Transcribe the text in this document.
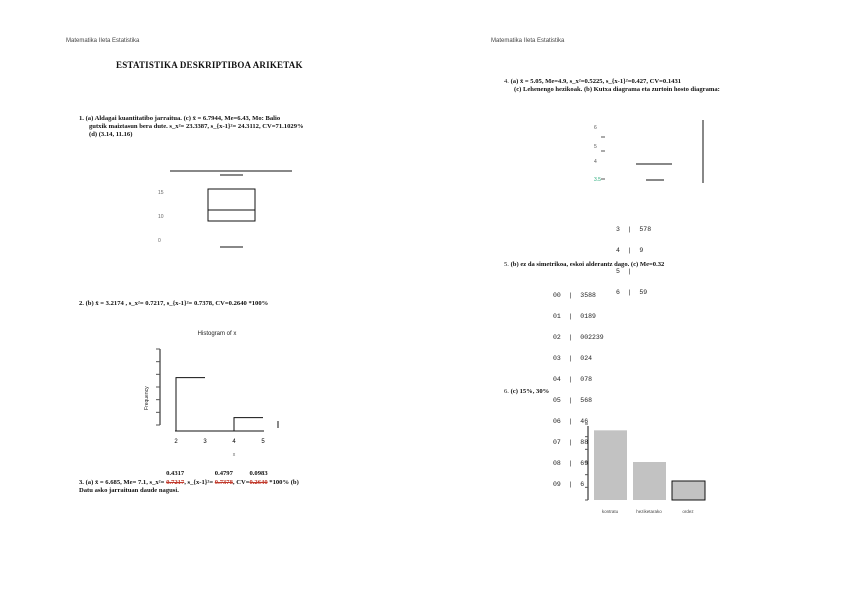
Matematika IIeta Estatistika	Matematika IIeta Estatistika
ESTATISTIKA DESKRIPTIBOA ARIKETAK
1. (a) Aldagai kuantitatibo jarraitua. (c) x̄ = 6.7944, Me=6.43, Mo: Balio
gutxik maiztasun bera dute. s_x²= 23.3387, s_{x-1}²= 24.3112, CV=71.1029%
(d) (3.14, 11.16)
15
10
0
2. (b) x̄ = 3.2174 , s_x²= 0.7217, s_{x-1}²= 0.7378, CV=0.2640 *100%
Histogram of x
Frequency
2	3	4	5
x
3. (a) x̄ = 6.685, Me= 7.1, s_x²=
0.4317
0.7217, s_{x-1}²=
0.4797
0.7378, CV=
0.0983
0.2640 *100% (b)
Datu asko jarraituan daude nagusi.
4. (a) x̄ = 5.05, Me=4.9, s_x²=0.5225, s_{x-1}²=0.427, CV=0.1431
(c) Lehenengo hezikoak. (b) Kutxa diagrama eta zurtoin hosto diagrama:
6
5
4
3.5

3  |  578

4  |  9

5  |

6  |  59

5. (b) ez da simetrikoa, eskoi alderantz dago. (c) Me=0.32

00  |  3588

01  |  0189

02  |  002239

03  |  024

04  |  078

05  |  568

06  |  46

07  |  88

08  |  69

09  |  6

6. (c) 15%, 30%
kontratu	heziketarako	ordez
